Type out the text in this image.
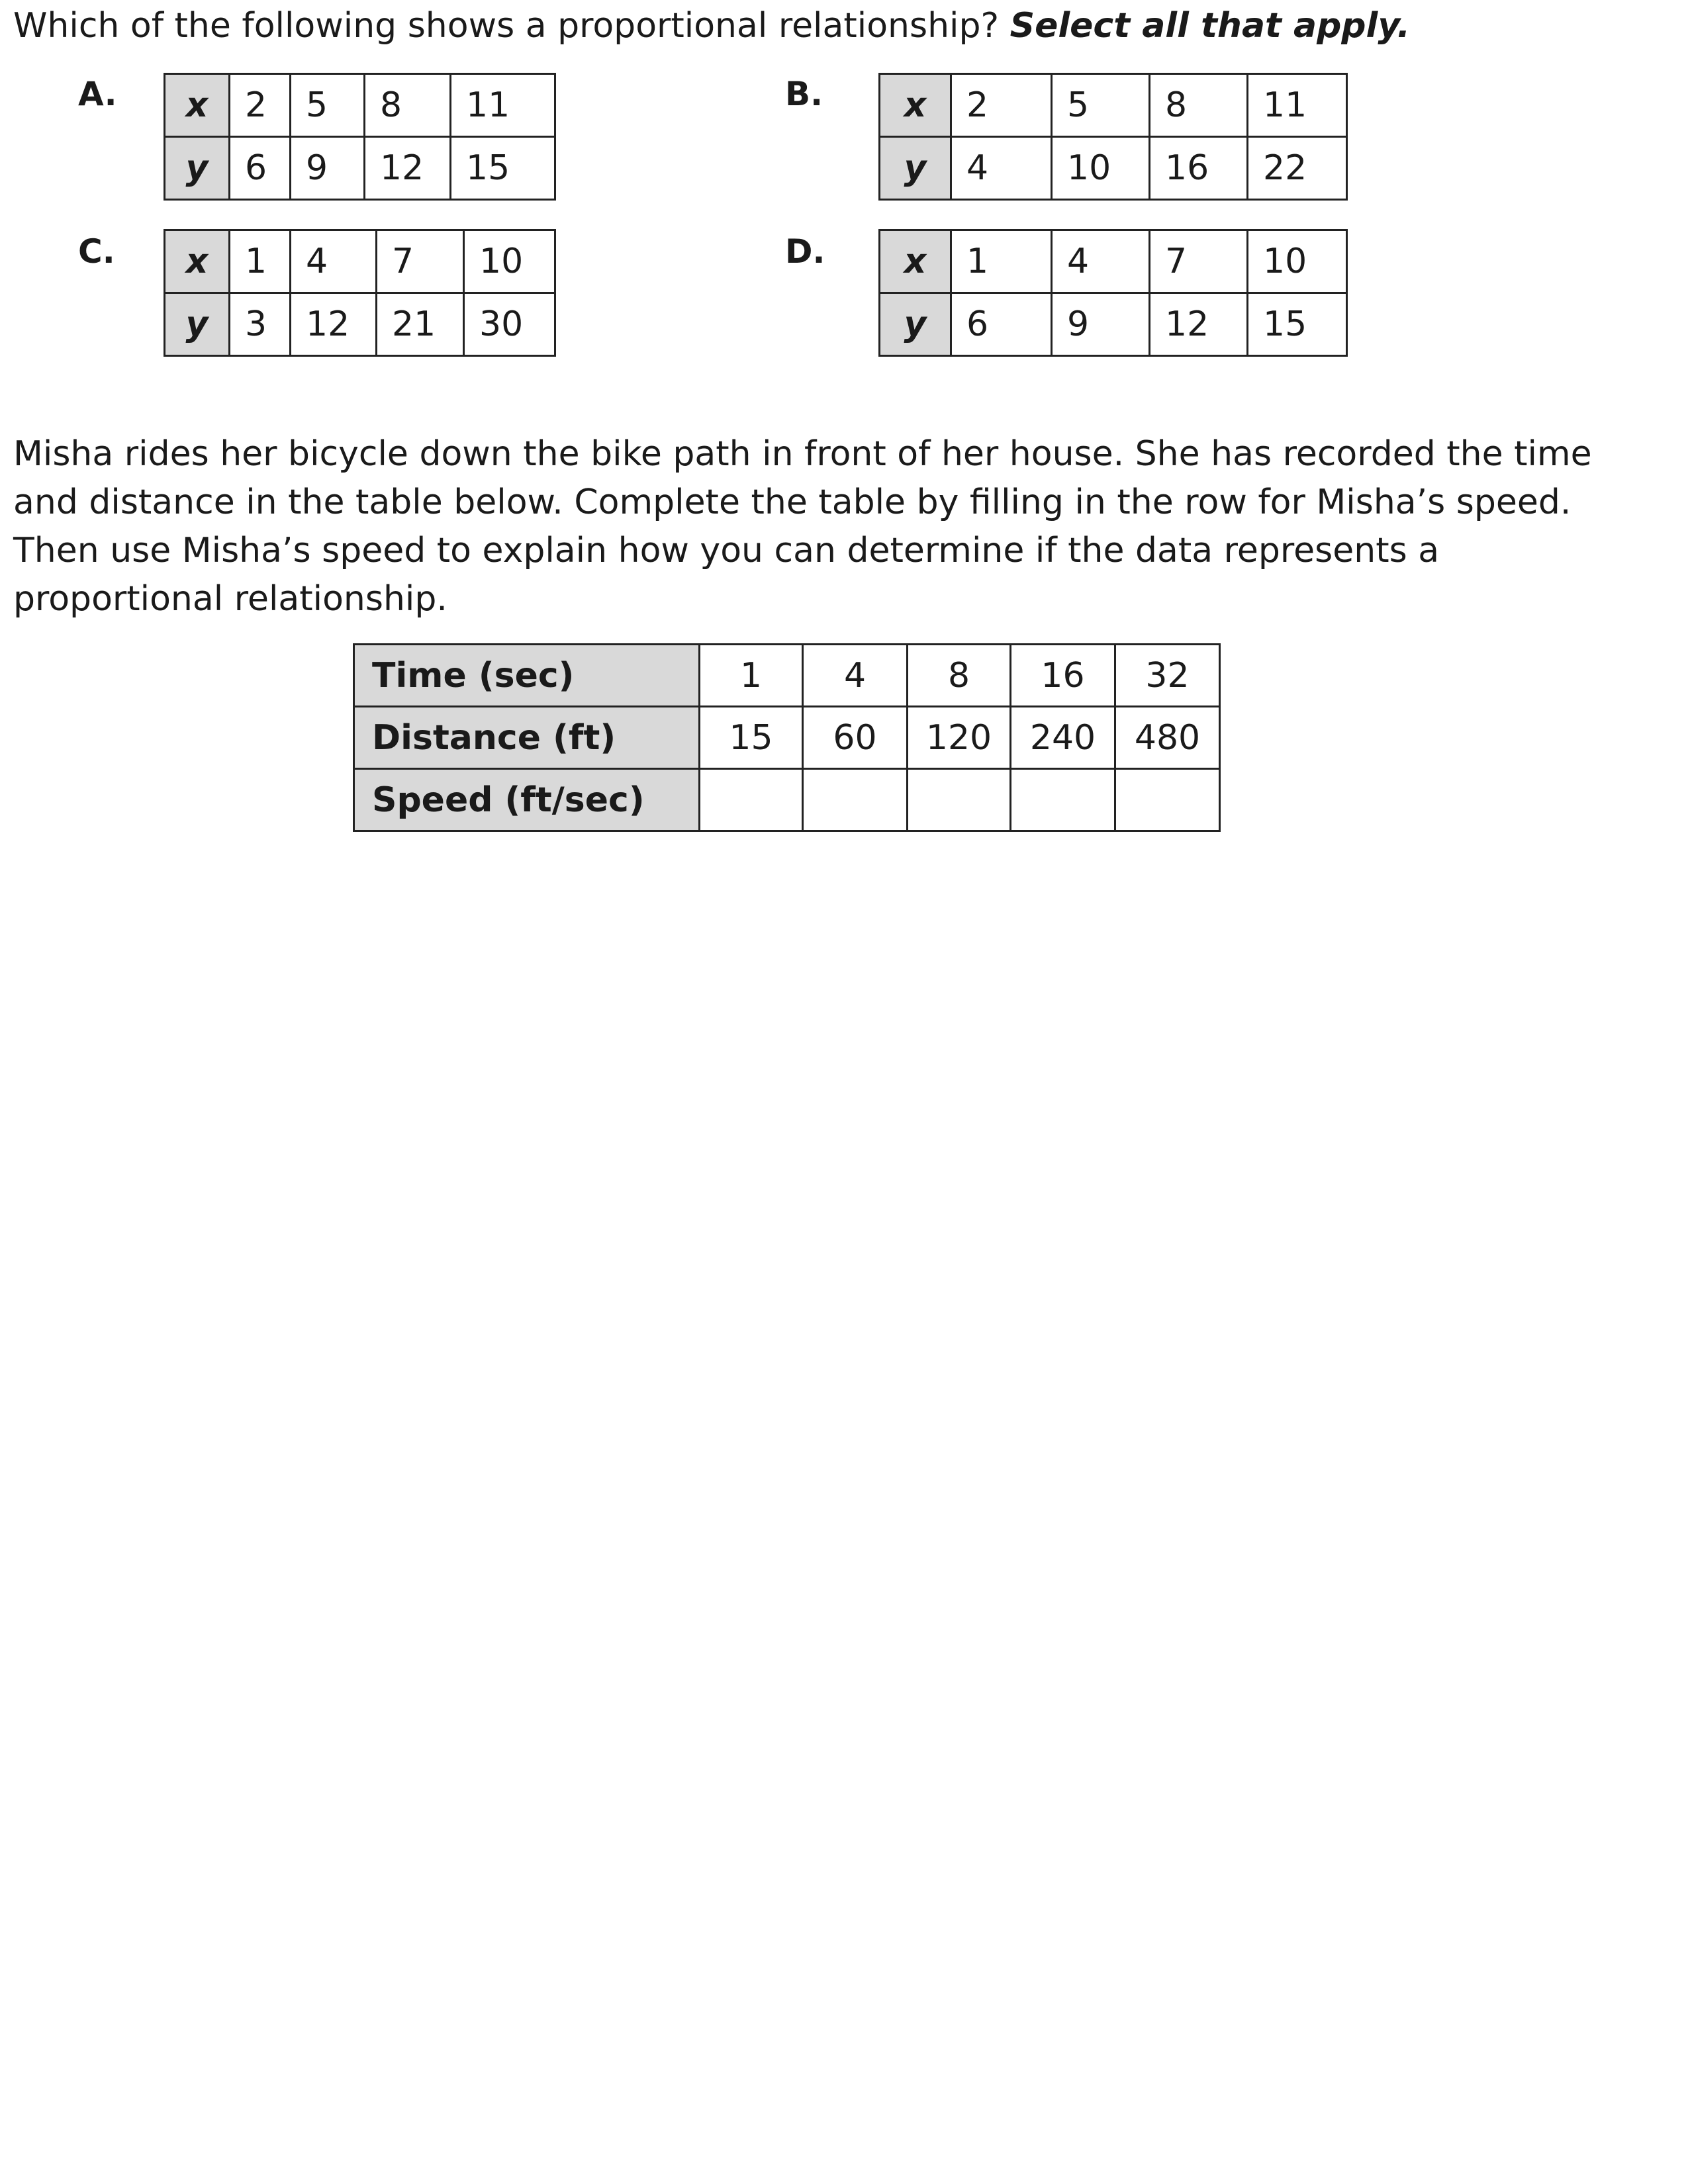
Which of the following shows a proportional relationship? Select all that apply.
A. x	2	5	8	11
y	6	9	12	15
B. x	2	5	8	11
y	4	10	16	22
C. x	1	4	7	10
y	3	12	21	30
D. x	1	4	7	10
y	6	9	12	15
Misha rides her bicycle down the bike path in front of her house. She has recorded the time and distance in the table below. Complete the table by filling in the row for Misha’s speed. Then use Misha’s speed to explain how you can determine if the data represents a proportional relationship.
Time (sec)	1	4	8	16	32
Distance (ft)	15	60	120	240	480
Speed (ft/sec)					
